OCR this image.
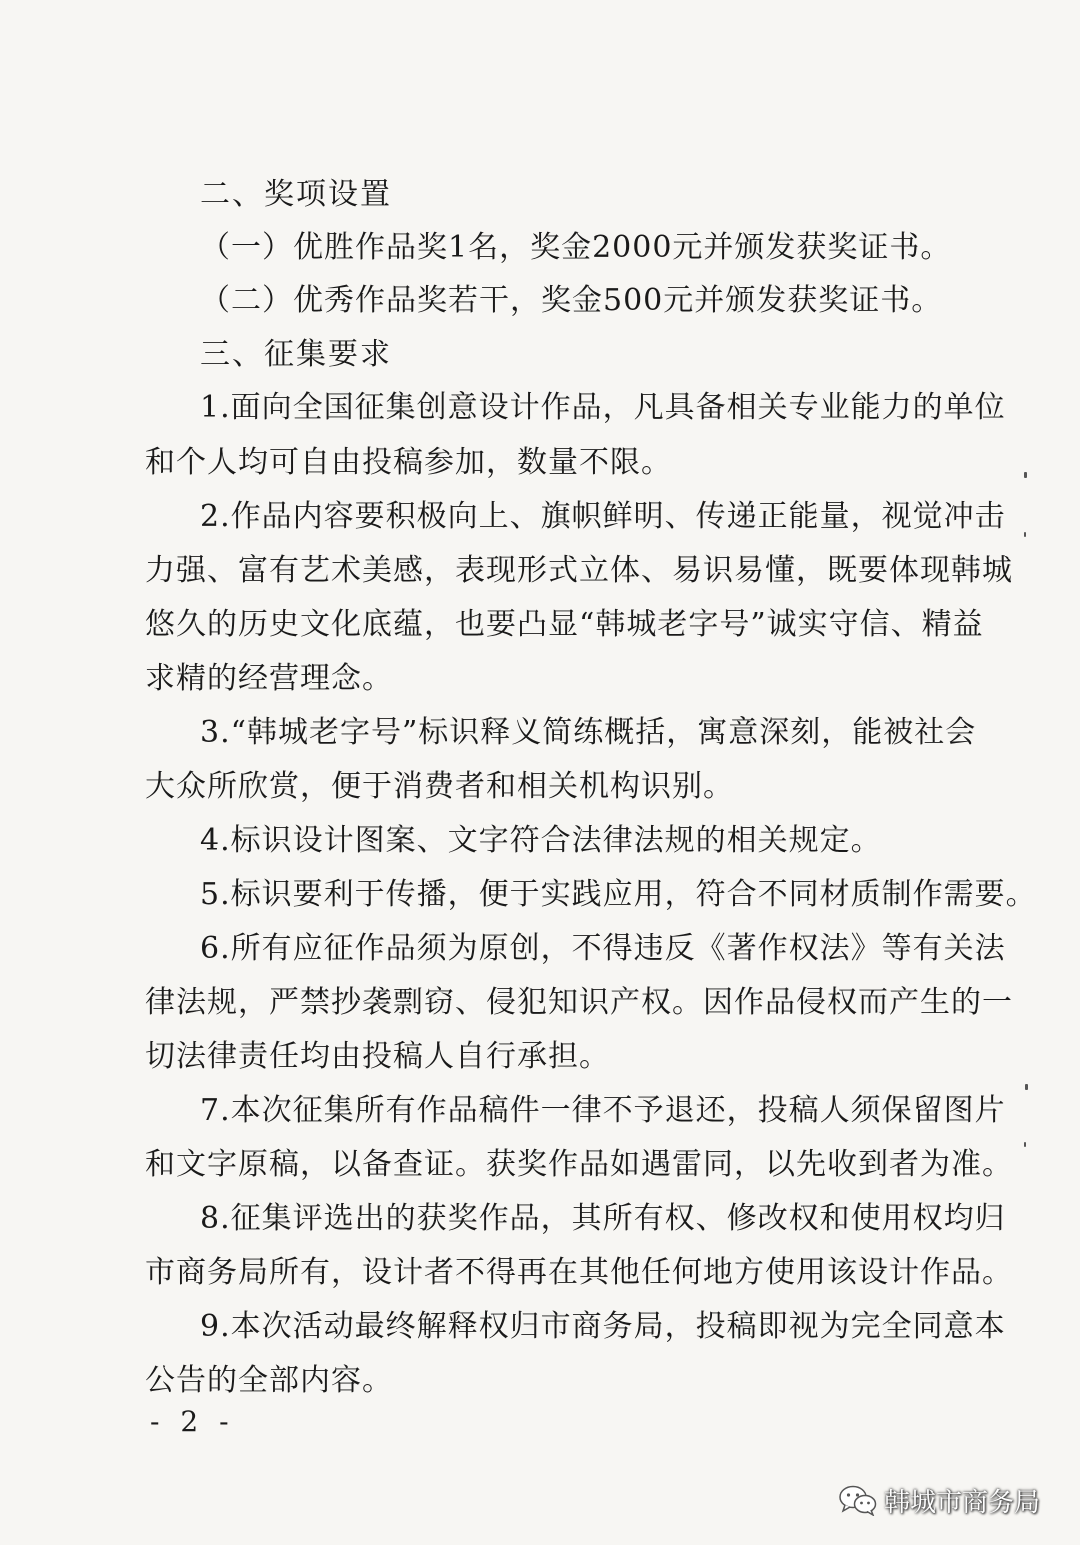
二、奖项设置
（一）优胜作品奖1名，奖金2000元并颁发获奖证书。
（二）优秀作品奖若干，奖金500元并颁发获奖证书。
三、征集要求
1.面向全国征集创意设计作品，凡具备相关专业能力的单位
和个人均可自由投稿参加，数量不限。
2.作品内容要积极向上、旗帜鲜明、传递正能量，视觉冲击
力强、富有艺术美感，表现形式立体、易识易懂，既要体现韩城
悠久的历史文化底蕴，也要凸显“韩城老字号”诚实守信、精益
求精的经营理念。
3.“韩城老字号”标识释义简练概括，寓意深刻，能被社会
大众所欣赏，便于消费者和相关机构识别。
4.标识设计图案、文字符合法律法规的相关规定。
5.标识要利于传播，便于实践应用，符合不同材质制作需要。
6.所有应征作品须为原创，不得违反《著作权法》等有关法
律法规，严禁抄袭剽窃、侵犯知识产权。因作品侵权而产生的一
切法律责任均由投稿人自行承担。
7.本次征集所有作品稿件一律不予退还，投稿人须保留图片
和文字原稿，以备查证。获奖作品如遇雷同，以先收到者为准。
8.征集评选出的获奖作品，其所有权、修改权和使用权均归
市商务局所有，设计者不得再在其他任何地方使用该设计作品。
9.本次活动最终解释权归市商务局，投稿即视为完全同意本
公告的全部内容。
- 2 -
韩城市商务局
